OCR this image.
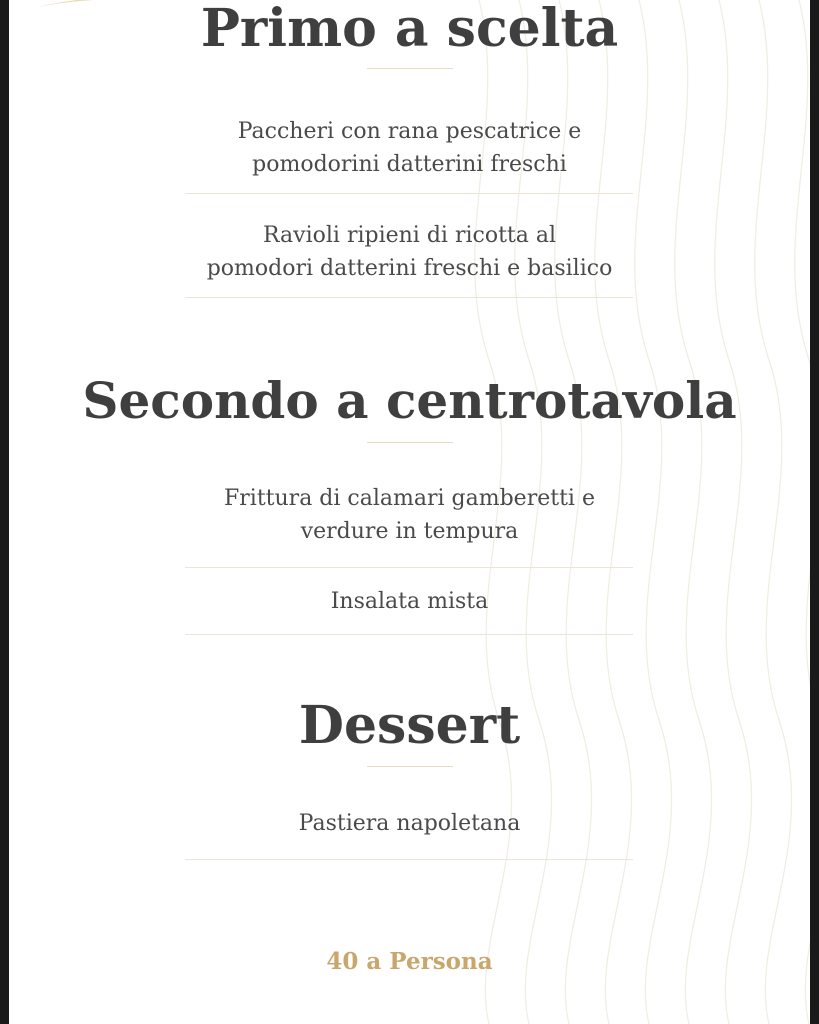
Primo a scelta
Paccheri con rana pescatrice e
pomodorini datterini freschi
Ravioli ripieni di ricotta al
pomodori datterini freschi e basilico
Secondo a centrotavola
Frittura di calamari gamberetti e
verdure in tempura
Insalata mista
Dessert
Pastiera napoletana
40 a Persona
